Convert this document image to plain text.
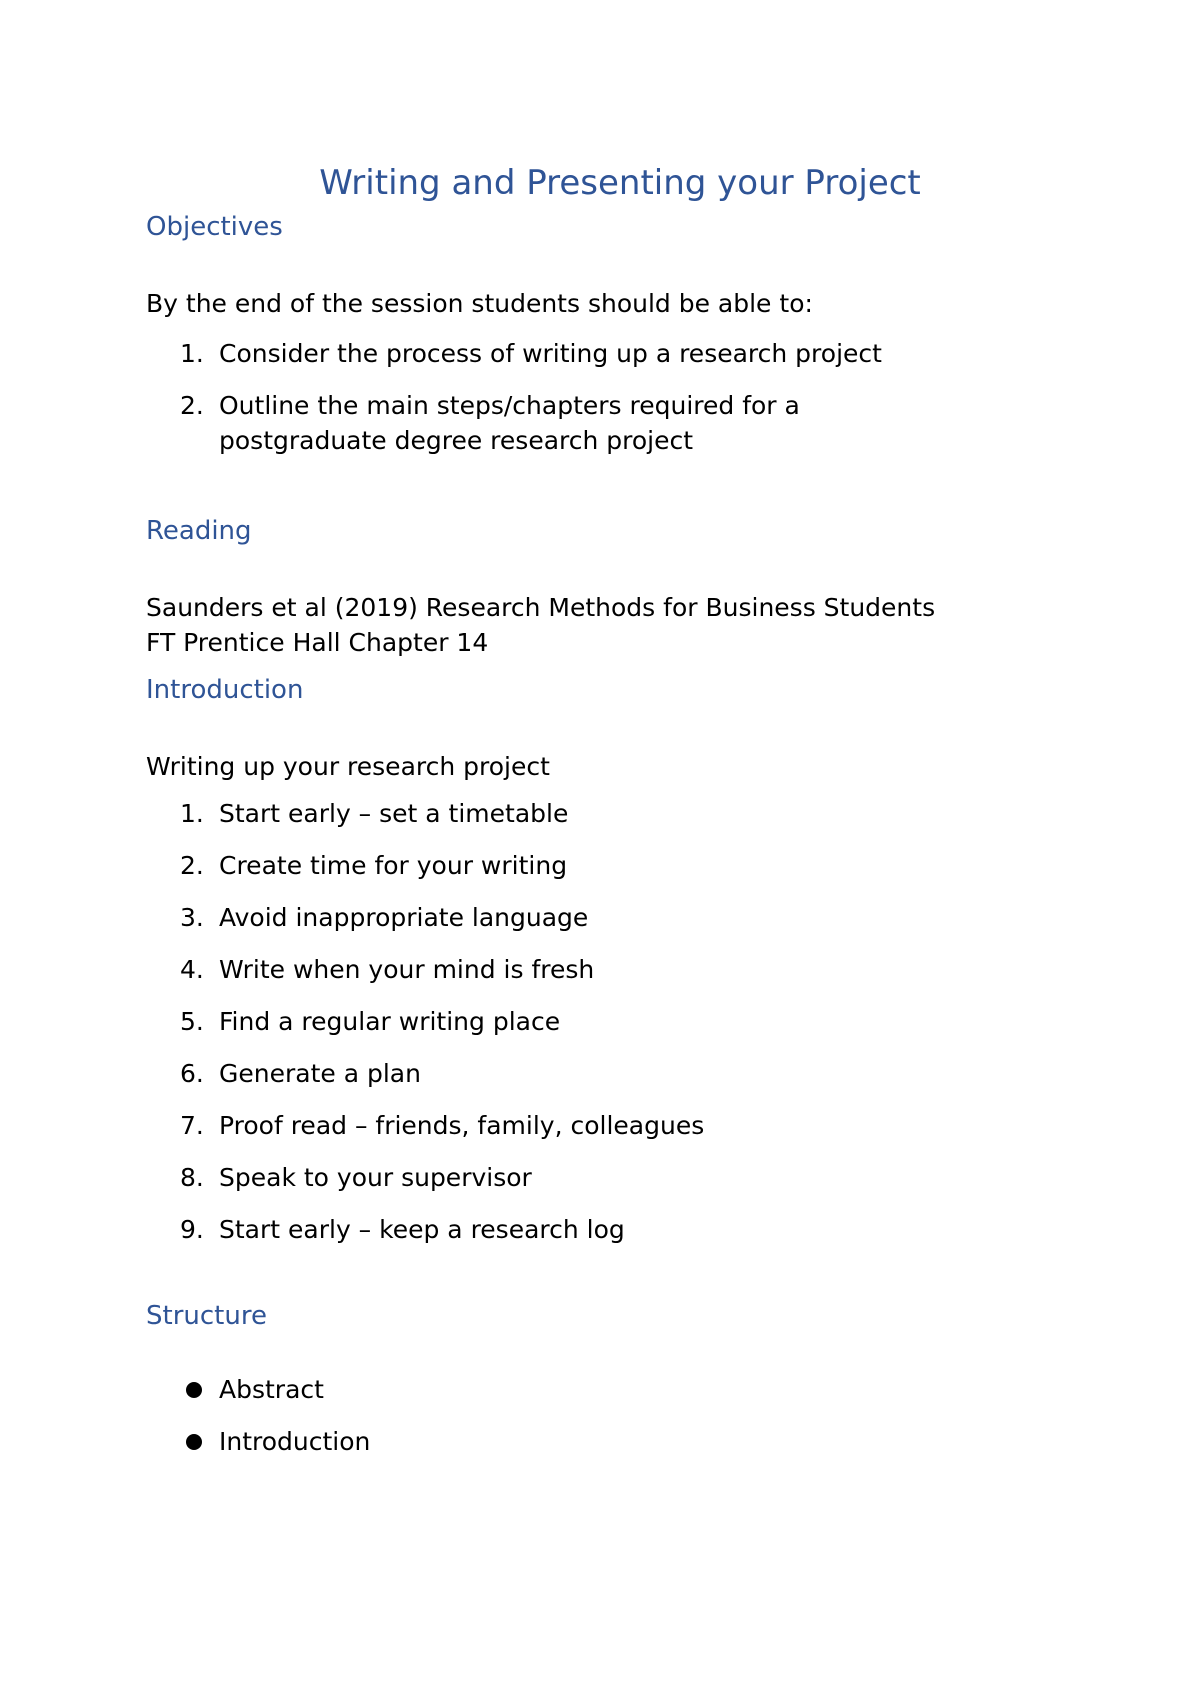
Writing and Presenting your Project
Objectives

By the end of the session students should be able to:

1. Consider the process of writing up a research project
2. Outline the main steps/chapters required for a postgraduate degree research project
Reading

Saunders et al (2019) Research Methods for Business Students

FT Prentice Hall Chapter 14

Introduction

Writing up your research project

1. Start early – set a timetable
2. Create time for your writing
3. Avoid inappropriate language
4. Write when your mind is fresh
5. Find a regular writing place
6. Generate a plan
7. Proof read – friends, family, colleagues
8. Speak to your supervisor
9. Start early – keep a research log
Structure
Abstract
Introduction
